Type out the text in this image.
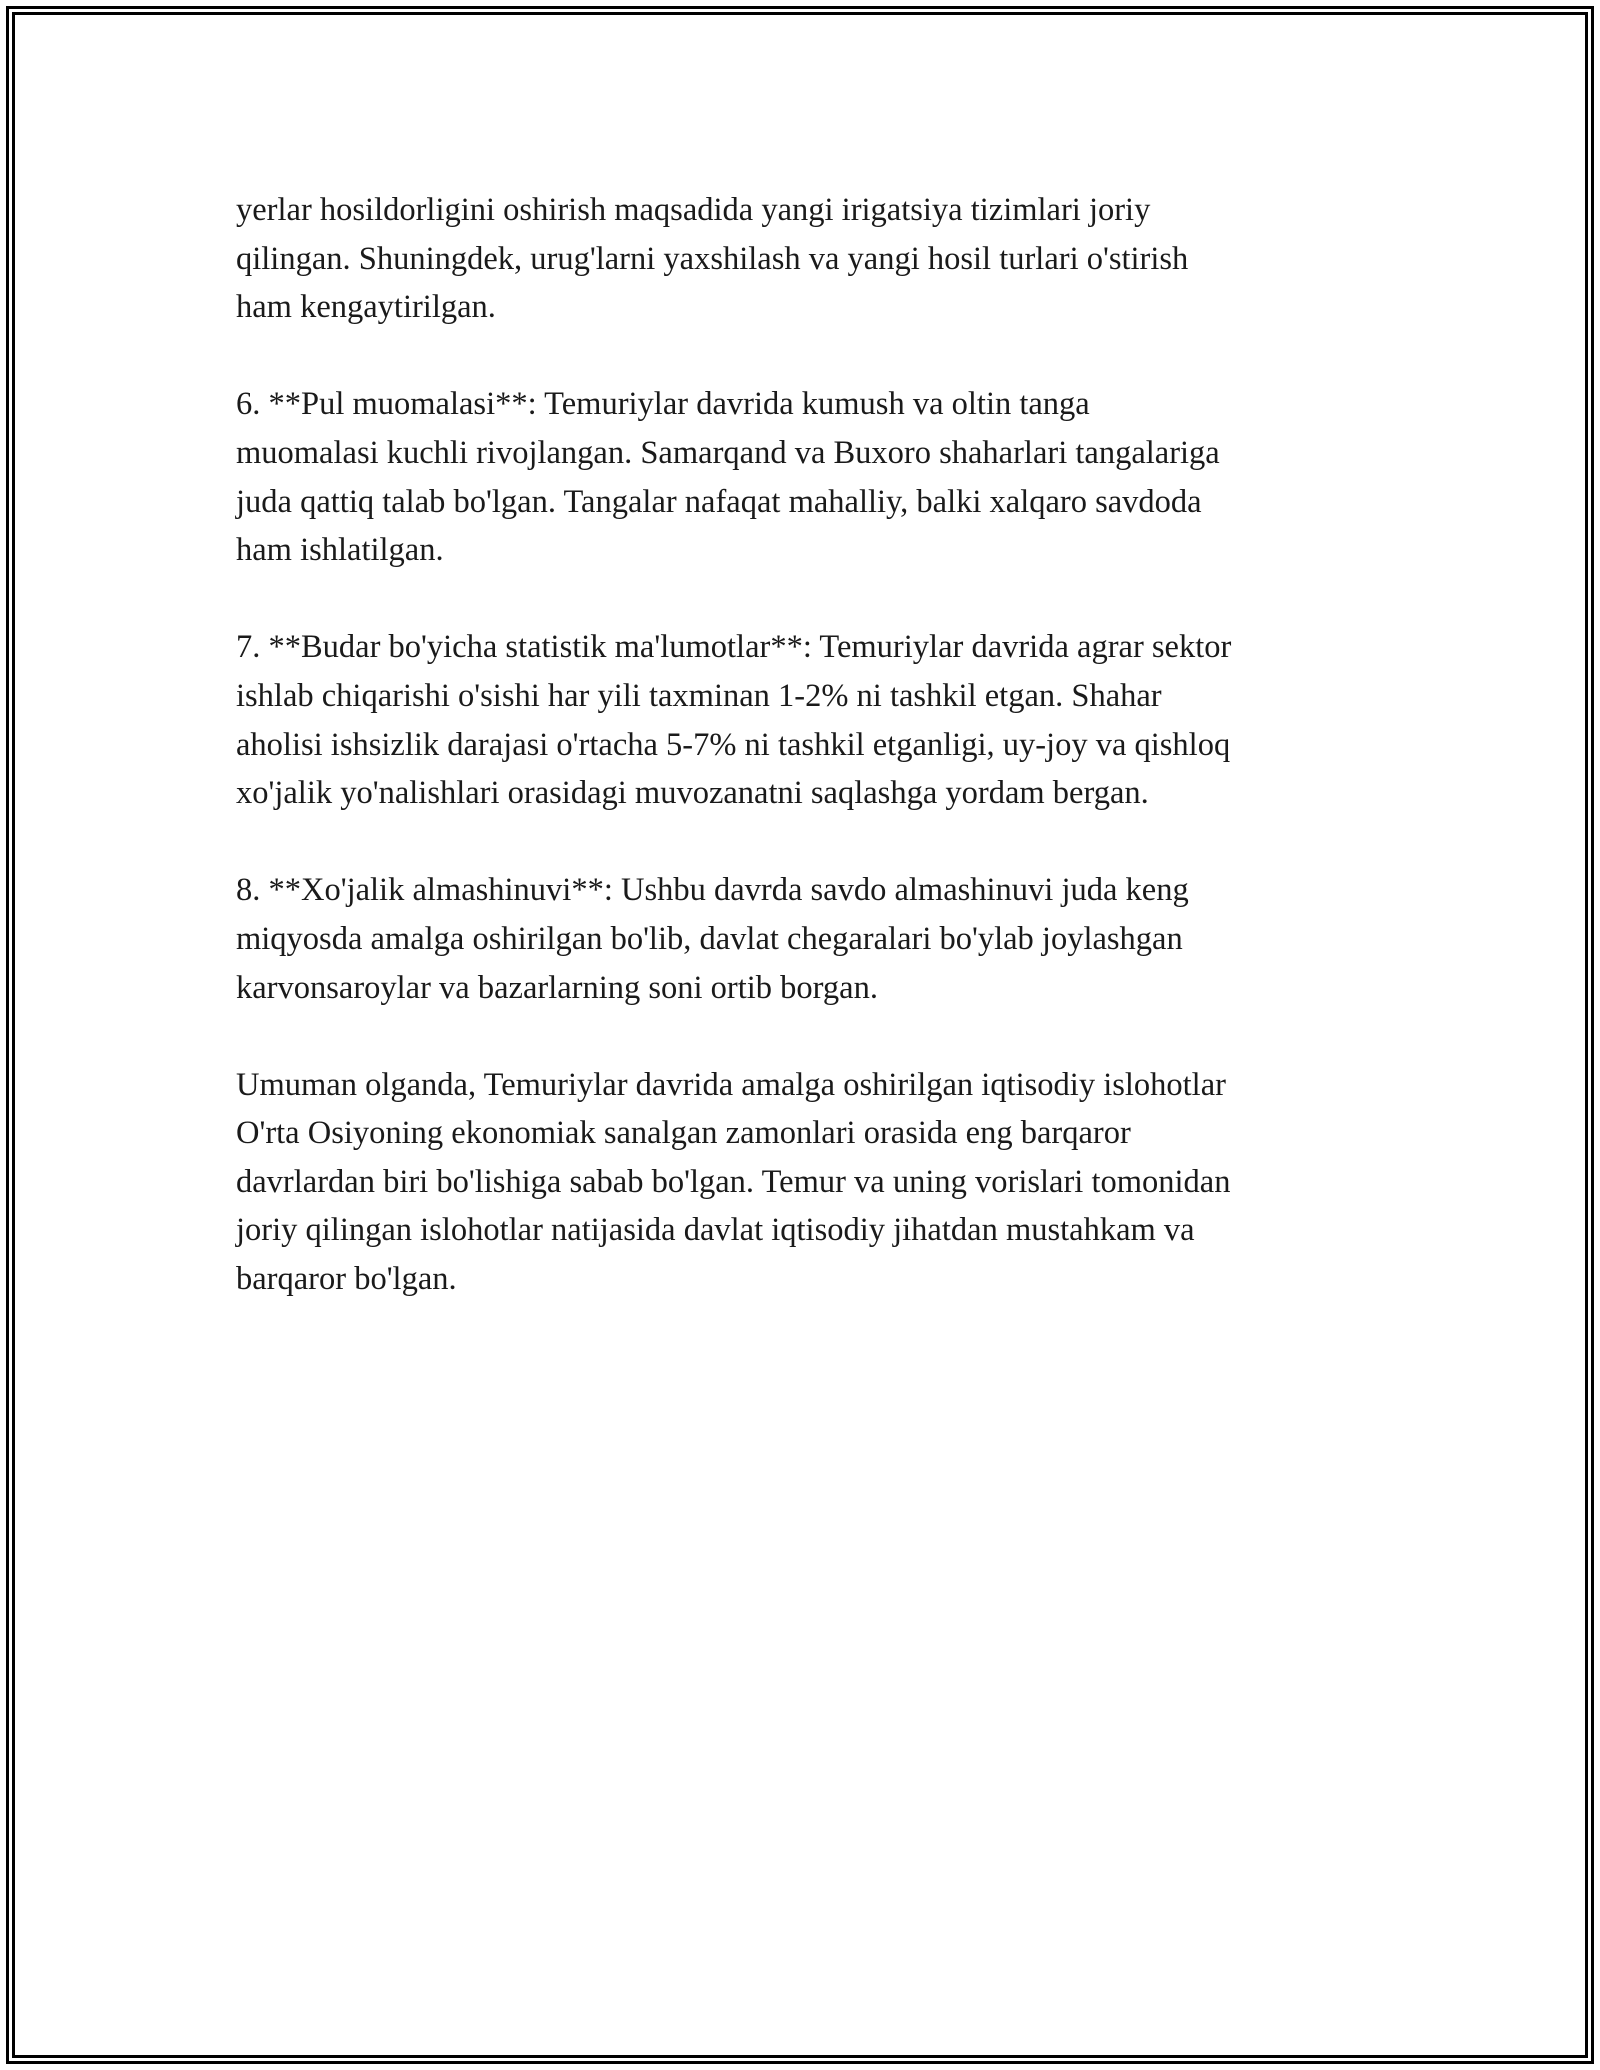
yerlar hosildorligini oshirish maqsadida yangi irigatsiya tizimlari joriy
qilingan. Shuningdek, urug'larni yaxshilash va yangi hosil turlari o'stirish
ham kengaytirilgan.

6. **Pul muomalasi**: Temuriylar davrida kumush va oltin tanga
muomalasi kuchli rivojlangan. Samarqand va Buxoro shaharlari tangalariga
juda qattiq talab bo'lgan. Tangalar nafaqat mahalliy, balki xalqaro savdoda
ham ishlatilgan.

7. **Budar bo'yicha statistik ma'lumotlar**: Temuriylar davrida agrar sektor
ishlab chiqarishi o'sishi har yili taxminan 1-2% ni tashkil etgan. Shahar
aholisi ishsizlik darajasi o'rtacha 5-7% ni tashkil etganligi, uy-joy va qishloq
xo'jalik yo'nalishlari orasidagi muvozanatni saqlashga yordam bergan.

8. **Xo'jalik almashinuvi**: Ushbu davrda savdo almashinuvi juda keng
miqyosda amalga oshirilgan bo'lib, davlat chegaralari bo'ylab joylashgan
karvonsaroylar va bazarlarning soni ortib borgan.

Umuman olganda, Temuriylar davrida amalga oshirilgan iqtisodiy islohotlar
O'rta Osiyoning ekonomiak sanalgan zamonlari orasida eng barqaror
davrlardan biri bo'lishiga sabab bo'lgan. Temur va uning vorislari tomonidan
joriy qilingan islohotlar natijasida davlat iqtisodiy jihatdan mustahkam va
barqaror bo'lgan.
